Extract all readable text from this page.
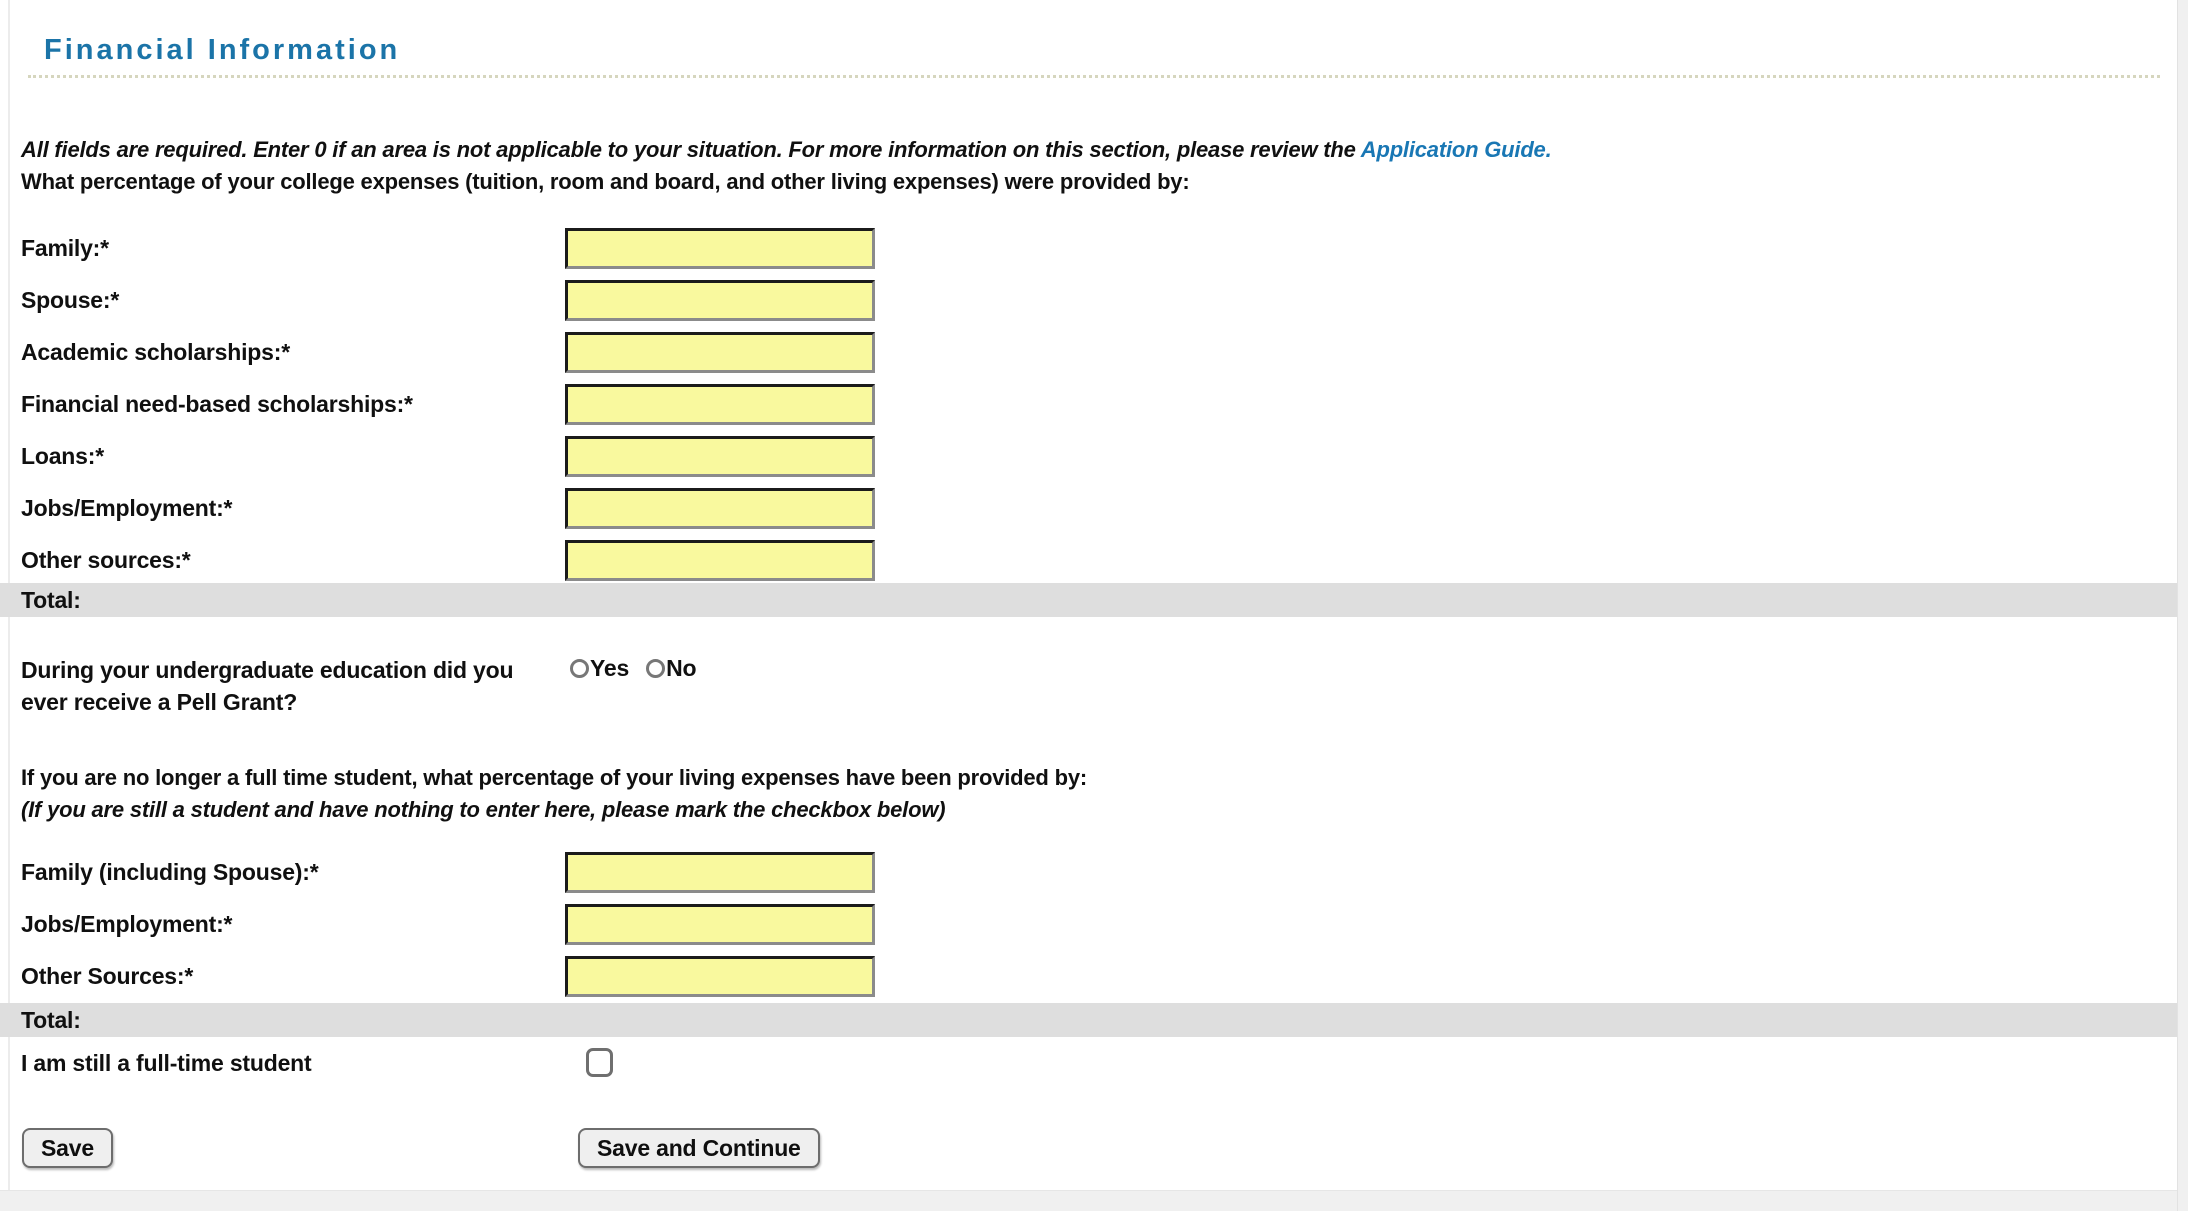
Financial Information
All fields are required. Enter 0 if an area is not applicable to your situation. For more information on this section, please review the Application Guide.
What percentage of your college expenses (tuition, room and board, and other living expenses) were provided by:
Family:*
Spouse:*
Academic scholarships:*
Financial need-based scholarships:*
Loans:*
Jobs/Employment:*
Other sources:*
Total:
During your undergraduate education did you ever receive a Pell Grant?
Yes No
If you are no longer a full time student, what percentage of your living expenses have been provided by:
(If you are still a student and have nothing to enter here, please mark the checkbox below)
Family (including Spouse):*
Jobs/Employment:*
Other Sources:*
Total:
I am still a full-time student
Save	Save and Continue
